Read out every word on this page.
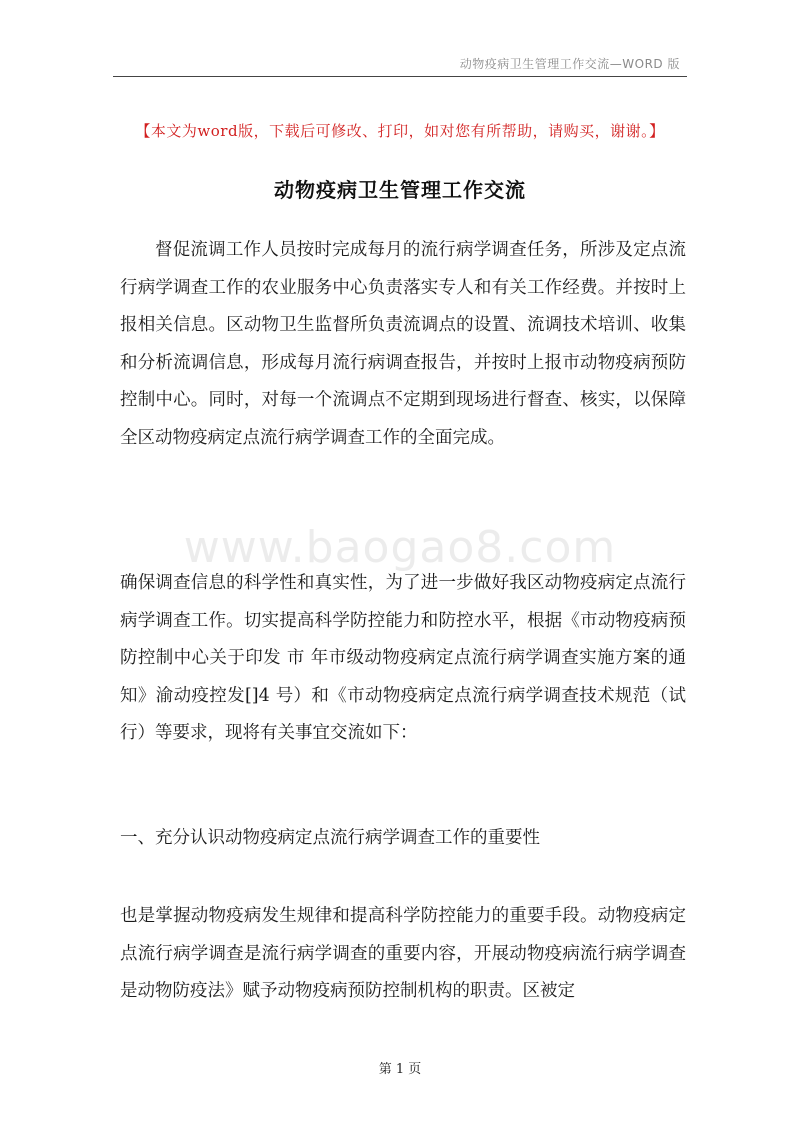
动物疫病卫生管理工作交流—WORD 版
【本文为word版，下载后可修改、打印，如对您有所帮助，请购买，谢谢。】
动物疫病卫生管理工作交流
督促流调工作人员按时完成每月的流行病学调查任务，所涉及定点流行病学调查工作的农业服务中心负责落实专人和有关工作经费。并按时上报相关信息。区动物卫生监督所负责流调点的设置、流调技术培训、收集和分析流调信息，形成每月流行病调查报告，并按时上报市动物疫病预防控制中心。同时，对每一个流调点不定期到现场进行督查、核实，以保障全区动物疫病定点流行病学调查工作的全面完成。
www.baogao8.com
确保调查信息的科学性和真实性，为了进一步做好我区动物疫病定点流行病学调查工作。切实提高科学防控能力和防控水平，根据《市动物疫病预防控制中心关于印发 市 年市级动物疫病定点流行病学调查实施方案的通知》渝动疫控发[]4 号）和《市动物疫病定点流行病学调查技术规范（试行）等要求，现将有关事宜交流如下：
一、充分认识动物疫病定点流行病学调查工作的重要性
也是掌握动物疫病发生规律和提高科学防控能力的重要手段。动物疫病定点流行病学调查是流行病学调查的重要内容，开展动物疫病流行病学调查是动物防疫法》赋予动物疫病预防控制机构的职责。区被定
第 1 页
